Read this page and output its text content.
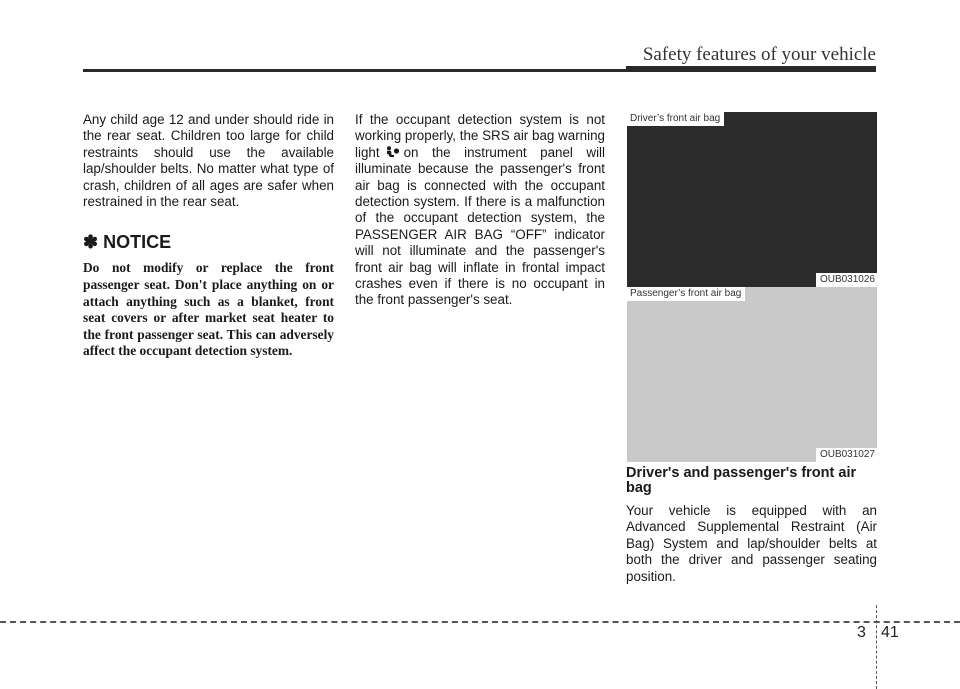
Safety features of your vehicle

Any child age 12 and under should ride in the rear seat. Children too large for child restraints should use the available lap/shoulder belts. No matter what type of crash, children of all ages are safer when restrained in the rear seat.

✽ NOTICE

Do not modify or replace the front passenger seat. Don't place anything on or attach anything such as a blanket, front seat covers or after market seat heater to the front passenger seat. This can adversely affect the occupant detection system.

If the occupant detection system is not working properly, the SRS air bag warning light on the instrument panel will illuminate because the passenger's front air bag is connected with the occupant detection system. If there is a malfunction of the occupant detection system, the PASSENGER AIR BAG “OFF” indicator will not illuminate and the passenger's front air bag will inflate in frontal impact crashes even if there is no occupant in the front passenger's seat.

Driver’s front air bag
OUB031026
Passenger’s front air bag
OUB031027

Driver's and passenger's front air bag

Your vehicle is equipped with an Advanced Supplemental Restraint (Air Bag) System and lap/shoulder belts at both the driver and passenger seating position.

3 41
